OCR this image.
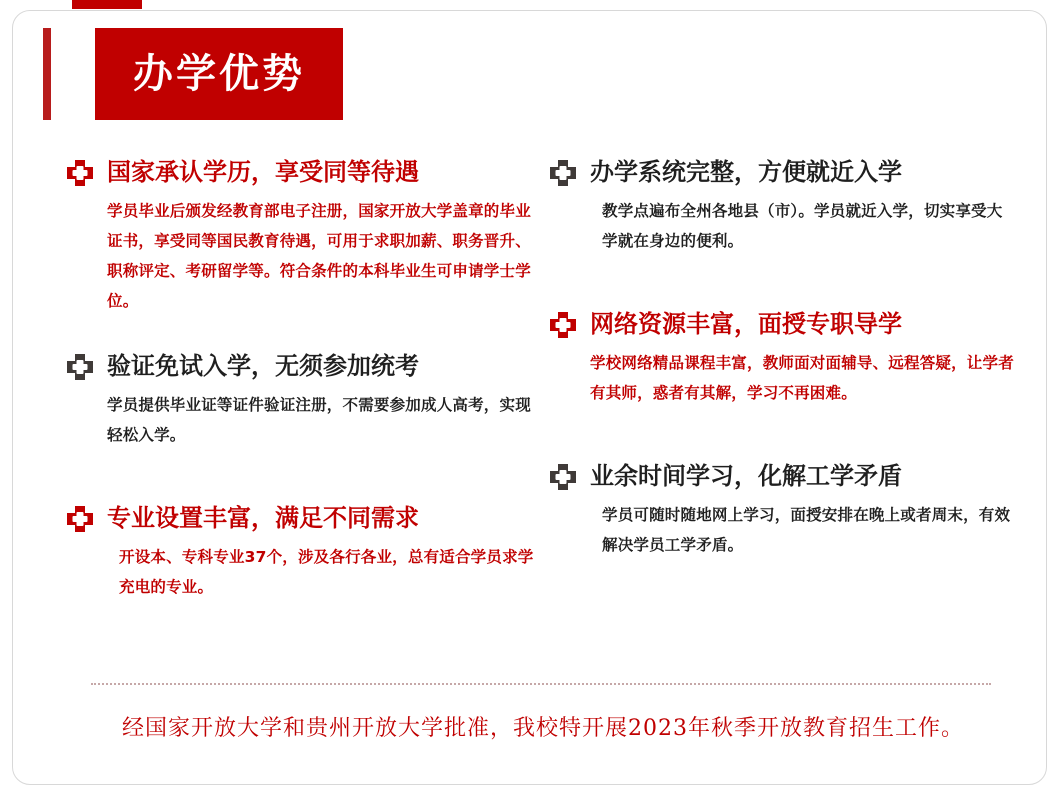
办学优势
国家承认学历，享受同等待遇
学员毕业后颁发经教育部电子注册，国家开放大学盖章的毕业证书，享受同等国民教育待遇，可用于求职加薪、职务晋升、职称评定、考研留学等。符合条件的本科毕业生可申请学士学位。
验证免试入学，无须参加统考
学员提供毕业证等证件验证注册，不需要参加成人高考，实现轻松入学。
专业设置丰富，满足不同需求
开设本、专科专业37个，涉及各行各业，总有适合学员求学充电的专业。
办学系统完整，方便就近入学
教学点遍布全州各地县（市）。学员就近入学，切实享受大学就在身边的便利。
网络资源丰富，面授专职导学
学校网络精品课程丰富，教师面对面辅导、远程答疑，让学者有其师，惑者有其解，学习不再困难。
业余时间学习，化解工学矛盾
学员可随时随地网上学习，面授安排在晚上或者周末，有效解决学员工学矛盾。
经国家开放大学和贵州开放大学批准，我校特开展2023年秋季开放教育招生工作。
